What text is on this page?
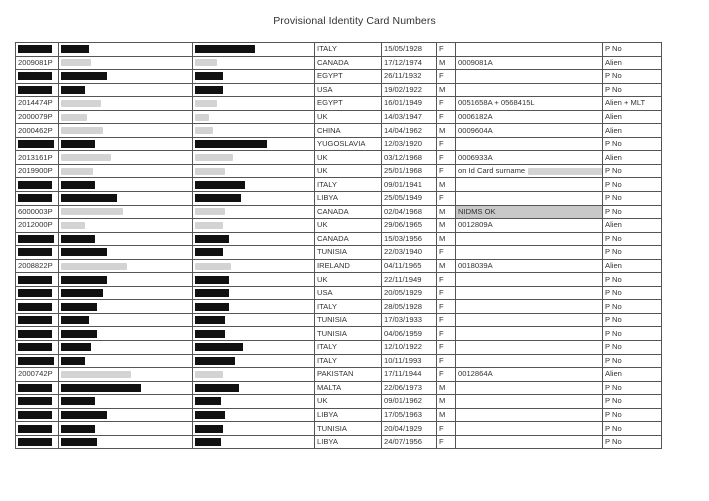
Provisional Identity Card Numbers
			ITALY	15/05/1928	F		P No
2009081P			CANADA	17/12/1974	M	0009081A	Alien
			EGYPT	26/11/1932	F		P No
			USA	19/02/1922	M		P No
2014474P			EGYPT	16/01/1949	F	0051658A + 0568415L	Alien + MLT
2000079P			UK	14/03/1947	F	0006182A	Alien
2000462P			CHINA	14/04/1962	M	0009604A	Alien
			YUGOSLAVIA	12/03/1920	F		P No
2013161P			UK	03/12/1968	F	0006933A	Alien
2019900P			UK	25/01/1968	F	on Id Card surname	P No
			ITALY	09/01/1941	M		P No
			LIBYA	25/05/1949	F		P No
6000003P			CANADA	02/04/1968	M	NIDMS OK	P No
2012000P			UK	29/06/1965	M	0012809A	Alien
			CANADA	15/03/1956	M		P No
			TUNISIA	22/03/1940	F		P No
2008822P			IRELAND	04/11/1965	M	0018039A	Alien
			UK	22/11/1949	F		P No
			USA	20/05/1929	F		P No
			ITALY	28/05/1928	F		P No
			TUNISIA	17/03/1933	F		P No
			TUNISIA	04/06/1959	F		P No
			ITALY	12/10/1922	F		P No
			ITALY	10/11/1993	F		P No
2000742P			PAKISTAN	17/11/1944	F	0012864A	Alien
			MALTA	22/06/1973	M		P No
			UK	09/01/1962	M		P No
			LIBYA	17/05/1963	M		P No
			TUNISIA	20/04/1929	F		P No
			LIBYA	24/07/1956	F		P No
